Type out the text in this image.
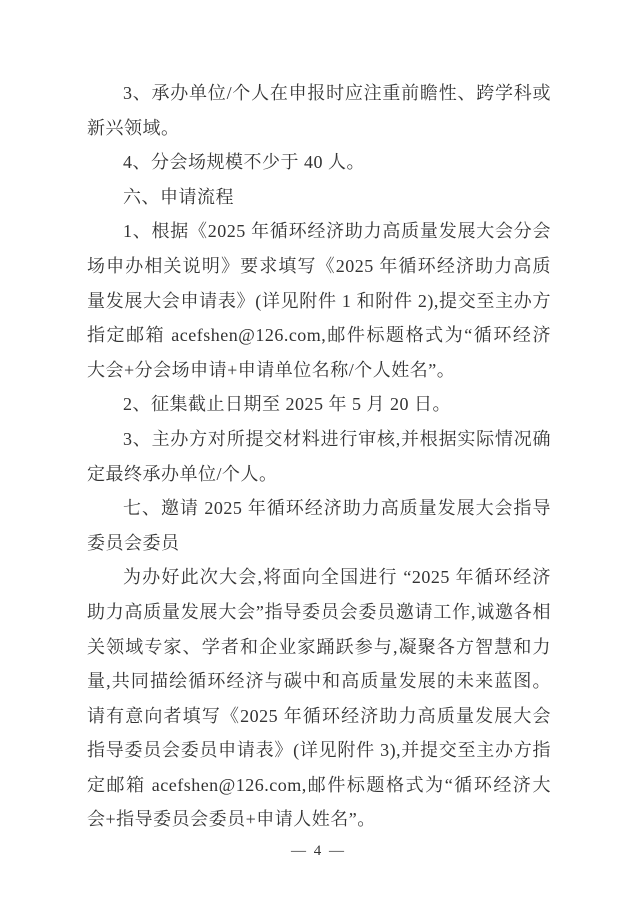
3、承办单位/个人在申报时应注重前瞻性、跨学科或新兴领域。

4、分会场规模不少于 40 人。

六、申请流程

1、根据《2025 年循环经济助力高质量发展大会分会场申办相关说明》要求填写《2025 年循环经济助力高质量发展大会申请表》(详见附件 1 和附件 2),提交至主办方指定邮箱 acefshen@126.com,邮件标题格式为“循环经济大会+分会场申请+申请单位名称/个人姓名”。

2、征集截止日期至 2025 年 5 月 20 日。

3、主办方对所提交材料进行审核,并根据实际情况确定最终承办单位/个人。

七、邀请 2025 年循环经济助力高质量发展大会指导委员会委员

为办好此次大会,将面向全国进行 “2025 年循环经济助力高质量发展大会”指导委员会委员邀请工作,诚邀各相关领域专家、学者和企业家踊跃参与,凝聚各方智慧和力量,共同描绘循环经济与碳中和高质量发展的未来蓝图。请有意向者填写《2025 年循环经济助力高质量发展大会指导委员会委员申请表》(详见附件 3),并提交至主办方指定邮箱 acefshen@126.com,邮件标题格式为“循环经济大会+指导委员会委员+申请人姓名”。

— 4 —
